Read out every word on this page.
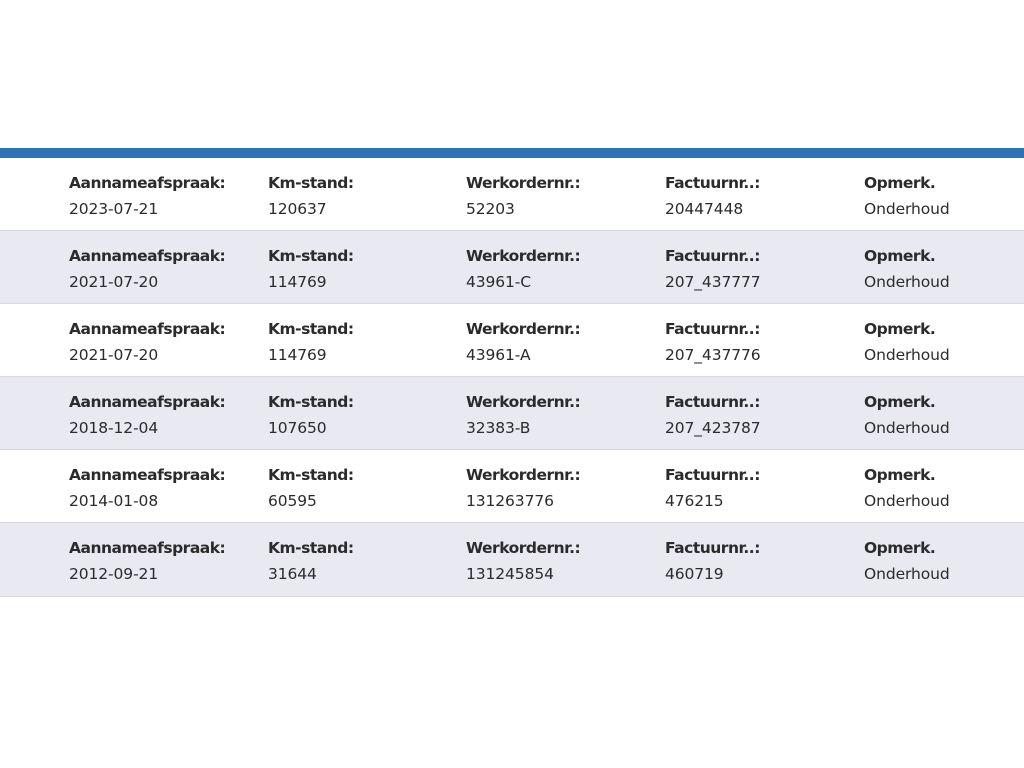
Aannameafspraak:
2023-07-21
Km-stand:
120637
Werkordernr.:
52203
Factuurnr..:
20447448
Opmerk.
Onderhoud
Aannameafspraak:
2021-07-20
Km-stand:
114769
Werkordernr.:
43961-C
Factuurnr..:
207_437777
Opmerk.
Onderhoud
Aannameafspraak:
2021-07-20
Km-stand:
114769
Werkordernr.:
43961-A
Factuurnr..:
207_437776
Opmerk.
Onderhoud
Aannameafspraak:
2018-12-04
Km-stand:
107650
Werkordernr.:
32383-B
Factuurnr..:
207_423787
Opmerk.
Onderhoud
Aannameafspraak:
2014-01-08
Km-stand:
60595
Werkordernr.:
131263776
Factuurnr..:
476215
Opmerk.
Onderhoud
Aannameafspraak:
2012-09-21
Km-stand:
31644
Werkordernr.:
131245854
Factuurnr..:
460719
Opmerk.
Onderhoud
